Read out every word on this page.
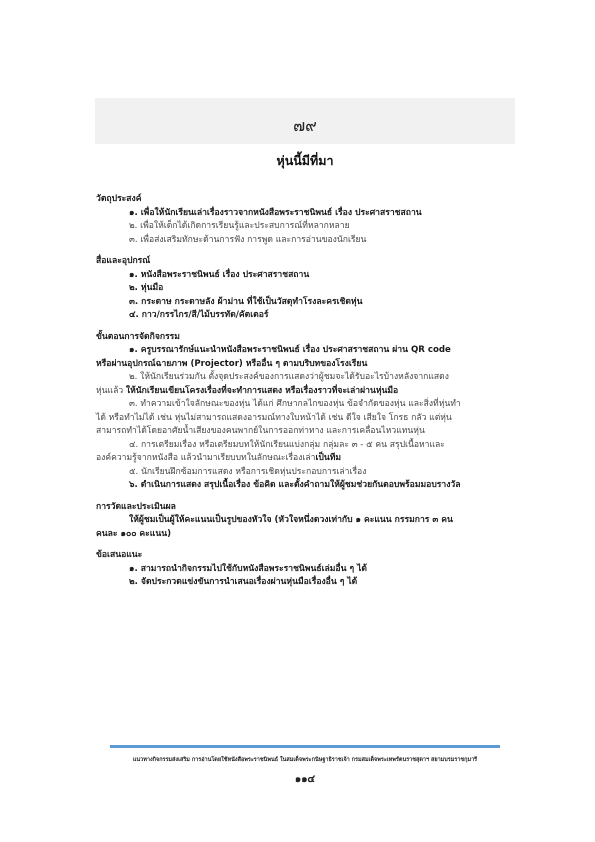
๗๙
หุ่นนี้มีที่มา

วัตถุประสงค์

๑. เพื่อให้นักเรียนเล่าเรื่องราวจากหนังสือพระราชนิพนธ์ เรื่อง ประศาสราชสถาน

๒. เพื่อให้เด็กได้เกิดการเรียนรู้และประสบการณ์ที่หลากหลาย

๓. เพื่อส่งเสริมทักษะด้านการฟัง การพูด และการอ่านของนักเรียน

สื่อและอุปกรณ์

๑. หนังสือพระราชนิพนธ์ เรื่อง ประศาสราชสถาน

๒. หุ่นมือ

๓. กระดาษ กระดาษลัง ผ้าม่าน ที่ใช้เป็นวัสดุทำโรงละครเชิดหุ่น

๔. กาว/กรรไกร/สี/ไม้บรรทัด/คัตเตอร์

ขั้นตอนการจัดกิจกรรม

๑. ครูบรรณารักษ์แนะนำหนังสือพระราชนิพนธ์ เรื่อง ประศาสราชสถาน ผ่าน QR code

หรือผ่านอุปกรณ์ฉายภาพ (Projector) หรืออื่น ๆ ตามบริบทของโรงเรียน

๒. ให้นักเรียนร่วมกัน ตั้งจุดประสงค์ของการแสดงว่าผู้ชมจะได้รับอะไรบ้างหลังจากแสดง

หุ่นแล้ว ให้นักเรียนเขียนโครงเรื่องที่จะทำการแสดง หรือเรื่องราวที่จะเล่าผ่านหุ่นมือ

๓. ทำความเข้าใจลักษณะของหุ่น ได้แก่ ศึกษากลไกของหุ่น ข้อจำกัดของหุ่น และสิ่งที่หุ่นทำ

ได้ หรือทำไม่ได้ เช่น หุ่นไม่สามารถแสดงอารมณ์ทางใบหน้าได้ เช่น ดีใจ เสียใจ โกรธ กลัว แต่หุ่น

สามารถทำได้โดยอาศัยน้ำเสียงของคนพากย์ในการออกท่าทาง และการเคลื่อนไหวแทนหุ่น

๔. การเตรียมเรื่อง หรือเตรียมบทให้นักเรียนแบ่งกลุ่ม กลุ่มละ ๓ - ๕ คน สรุปเนื้อหาและ

องค์ความรู้จากหนังสือ แล้วนำมาเรียบบทในลักษณะเรื่องเล่าเป็นทีม

๕. นักเรียนฝึกซ้อมการแสดง หรือการเชิดหุ่นประกอบการเล่าเรื่อง

๖. ดำเนินการแสดง สรุปเนื้อเรื่อง ข้อคิด และตั้งคำถามให้ผู้ชมช่วยกันตอบพร้อมมอบรางวัล

การวัดและประเมินผล

ให้ผู้ชมเป็นผู้ให้คะแนนเป็นรูปของหัวใจ (หัวใจหนึ่งดวงเท่ากับ ๑ คะแนน กรรมการ ๓ คน

คนละ ๑๐๐ คะแนน)

ข้อเสนอแนะ

๑. สามารถนำกิจกรรมไปใช้กับหนังสือพระราชนิพนธ์เล่มอื่น ๆ ได้

๒. จัดประกวดแข่งขันการนำเสนอเรื่องผ่านหุ่นมือเรื่องอื่น ๆ ได้

แนวทางกิจกรรมส่งเสริม การอ่านโดยใช้หนังสือพระราชนิพนธ์ ในสมเด็จพระกนิษฐาธิราชเจ้า กรมสมเด็จพระเทพรัตนราชสุดาฯ สยามบรมราชกุมารี
๑๑๔
